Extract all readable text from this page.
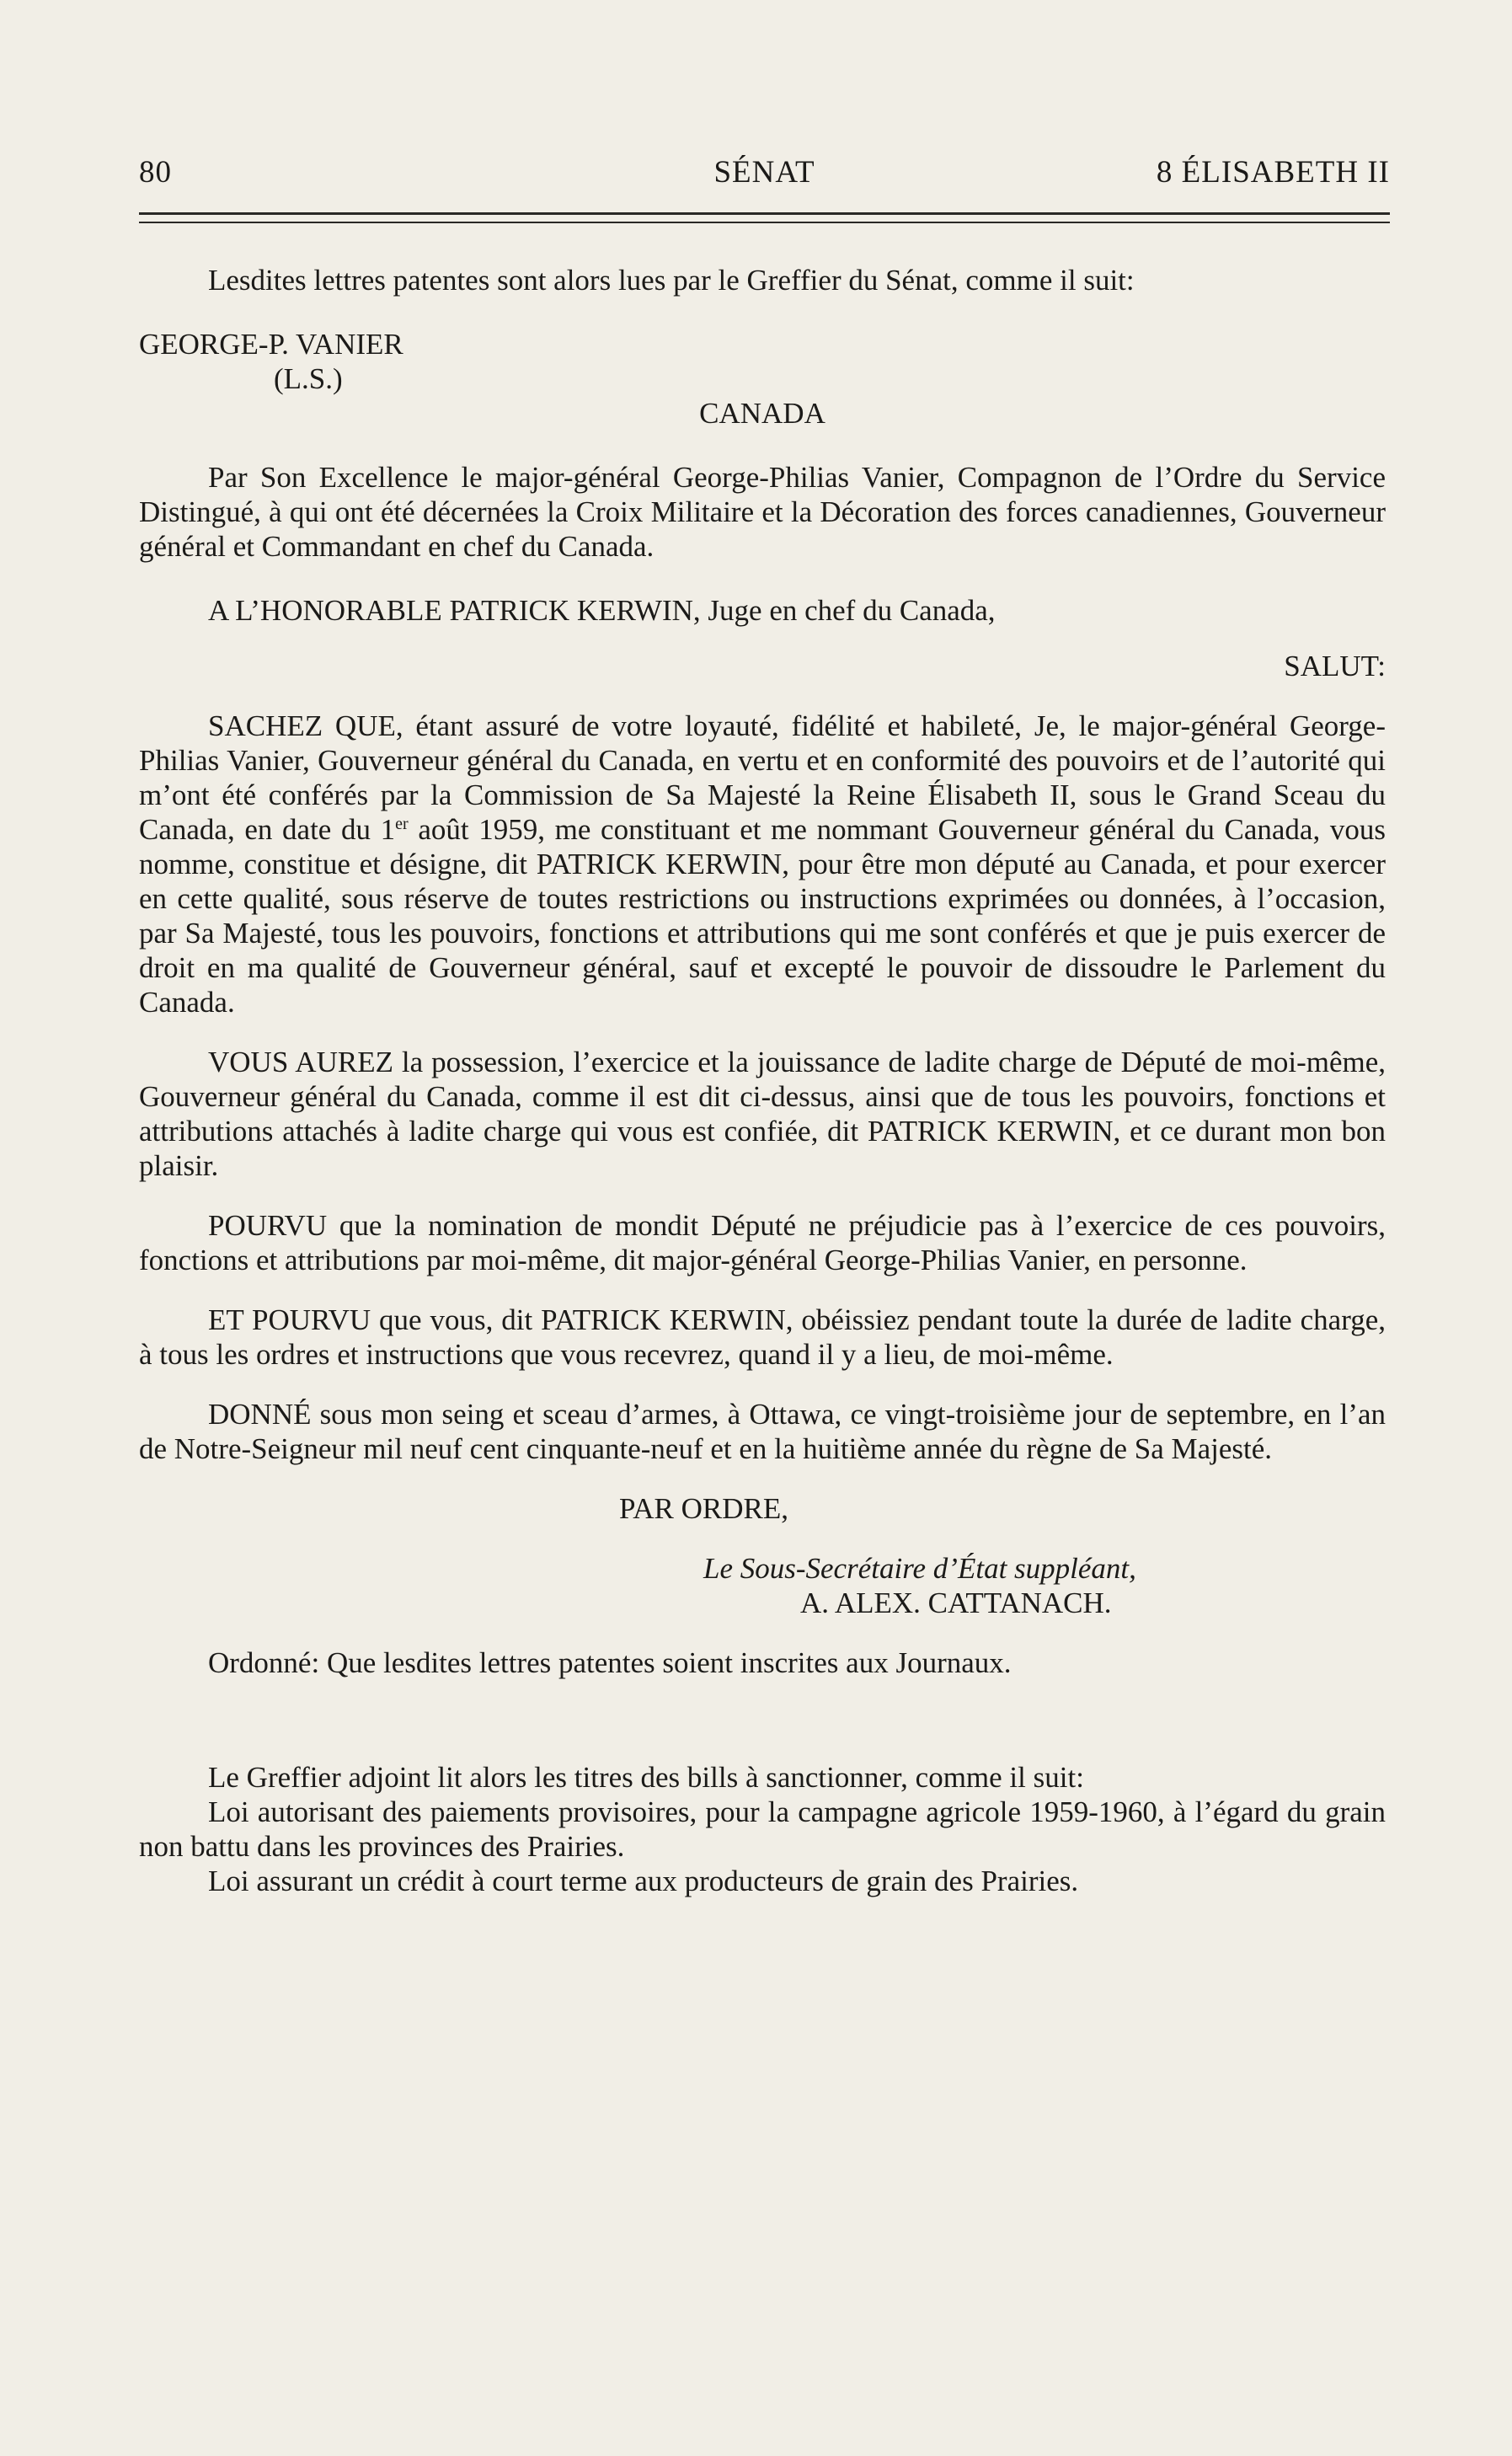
80	SÉNAT	8 ÉLISABETH II

Lesdites lettres patentes sont alors lues par le Greffier du Sénat, comme il suit:

GEORGE-P. VANIER

(L.S.)

CANADA

Par Son Excellence le major-général George-Philias Vanier, Compagnon de l’Ordre du Service Distingué, à qui ont été décernées la Croix Militaire et la Décoration des forces canadiennes, Gouverneur général et Commandant en chef du Canada.

A L’HONORABLE PATRICK KERWIN, Juge en chef du Canada,

SALUT:

SACHEZ QUE, étant assuré de votre loyauté, fidélité et habileté, Je, le major-général George-Philias Vanier, Gouverneur général du Canada, en vertu et en conformité des pouvoirs et de l’autorité qui m’ont été conférés par la Commission de Sa Majesté la Reine Élisabeth II, sous le Grand Sceau du Canada, en date du 1er août 1959, me constituant et me nommant Gouverneur général du Canada, vous nomme, constitue et désigne, dit PATRICK KERWIN, pour être mon député au Canada, et pour exercer en cette qualité, sous réserve de toutes restrictions ou instructions exprimées ou données, à l’occasion, par Sa Majesté, tous les pouvoirs, fonctions et attributions qui me sont conférés et que je puis exercer de droit en ma qualité de Gouverneur général, sauf et excepté le pouvoir de dissoudre le Parlement du Canada.

VOUS AUREZ la possession, l’exercice et la jouissance de ladite charge de Député de moi-même, Gouverneur général du Canada, comme il est dit ci-dessus, ainsi que de tous les pouvoirs, fonctions et attributions attachés à ladite charge qui vous est confiée, dit PATRICK KERWIN, et ce durant mon bon plaisir.

POURVU que la nomination de mondit Député ne préjudicie pas à l’exercice de ces pouvoirs, fonctions et attributions par moi-même, dit major-général George-Philias Vanier, en personne.

ET POURVU que vous, dit PATRICK KERWIN, obéissiez pendant toute la durée de ladite charge, à tous les ordres et instructions que vous recevrez, quand il y a lieu, de moi-même.

DONNÉ sous mon seing et sceau d’armes, à Ottawa, ce vingt-troisième jour de septembre, en l’an de Notre-Seigneur mil neuf cent cinquante-neuf et en la huitième année du règne de Sa Majesté.

PAR ORDRE,

Le Sous-Secrétaire d’État suppléant,

A. ALEX. CATTANACH.

Ordonné: Que lesdites lettres patentes soient inscrites aux Journaux.

Le Greffier adjoint lit alors les titres des bills à sanctionner, comme il suit:

Loi autorisant des paiements provisoires, pour la campagne agricole 1959-1960, à l’égard du grain non battu dans les provinces des Prairies.

Loi assurant un crédit à court terme aux producteurs de grain des Prairies.
